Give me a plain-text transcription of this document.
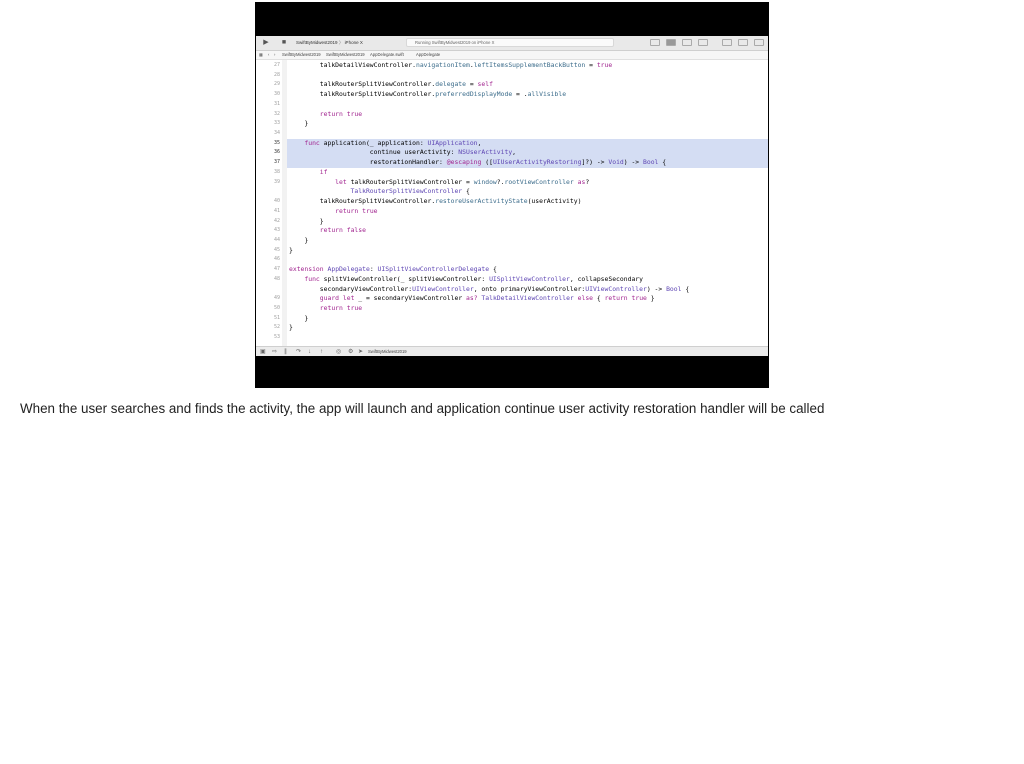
▶ ■	SwiftByMidwest2019 〉 iPhone X	Running SwiftByMidwest2019 on iPhone X
▦ ‹ › SwiftByMidwest2019 SwiftByMidwest2019 AppDelegate.swift	AppDelegate
27 talkDetailViewController.navigationItem.leftItemsSupplementBackButton = true
28
29 talkRouterSplitViewController.delegate = self
30 talkRouterSplitViewController.preferredDisplayMode = .allVisible
31
32 return true
33 }
34
35 func application(_ application: UIApplication,
36 continue userActivity: NSUserActivity,
37 restorationHandler: @escaping ([UIUserActivityRestoring]?) -> Void) -> Bool {
38 if
39 let talkRouterSplitViewController = window?.rootViewController as?
TalkRouterSplitViewController {
40 talkRouterSplitViewController.restoreUserActivityState(userActivity)
41 return true
42 }
43 return false
44 }
45 }
46
47 extension AppDelegate: UISplitViewControllerDelegate {
48 func splitViewController(_ splitViewController: UISplitViewController, collapseSecondary
secondaryViewController:UIViewController, onto primaryViewController:UIViewController) -> Bool {
49 guard let _ = secondaryViewController as? TalkDetailViewController else { return true }
50 return true
51 }
52 }
53
▣ ⇨ ∥ ↷ ↓ ↑ ◎ ⚙ ➤ SwiftByMidwest2019
When the user searches and finds the activity, the app will launch and application continue user activity restoration handler will be called
